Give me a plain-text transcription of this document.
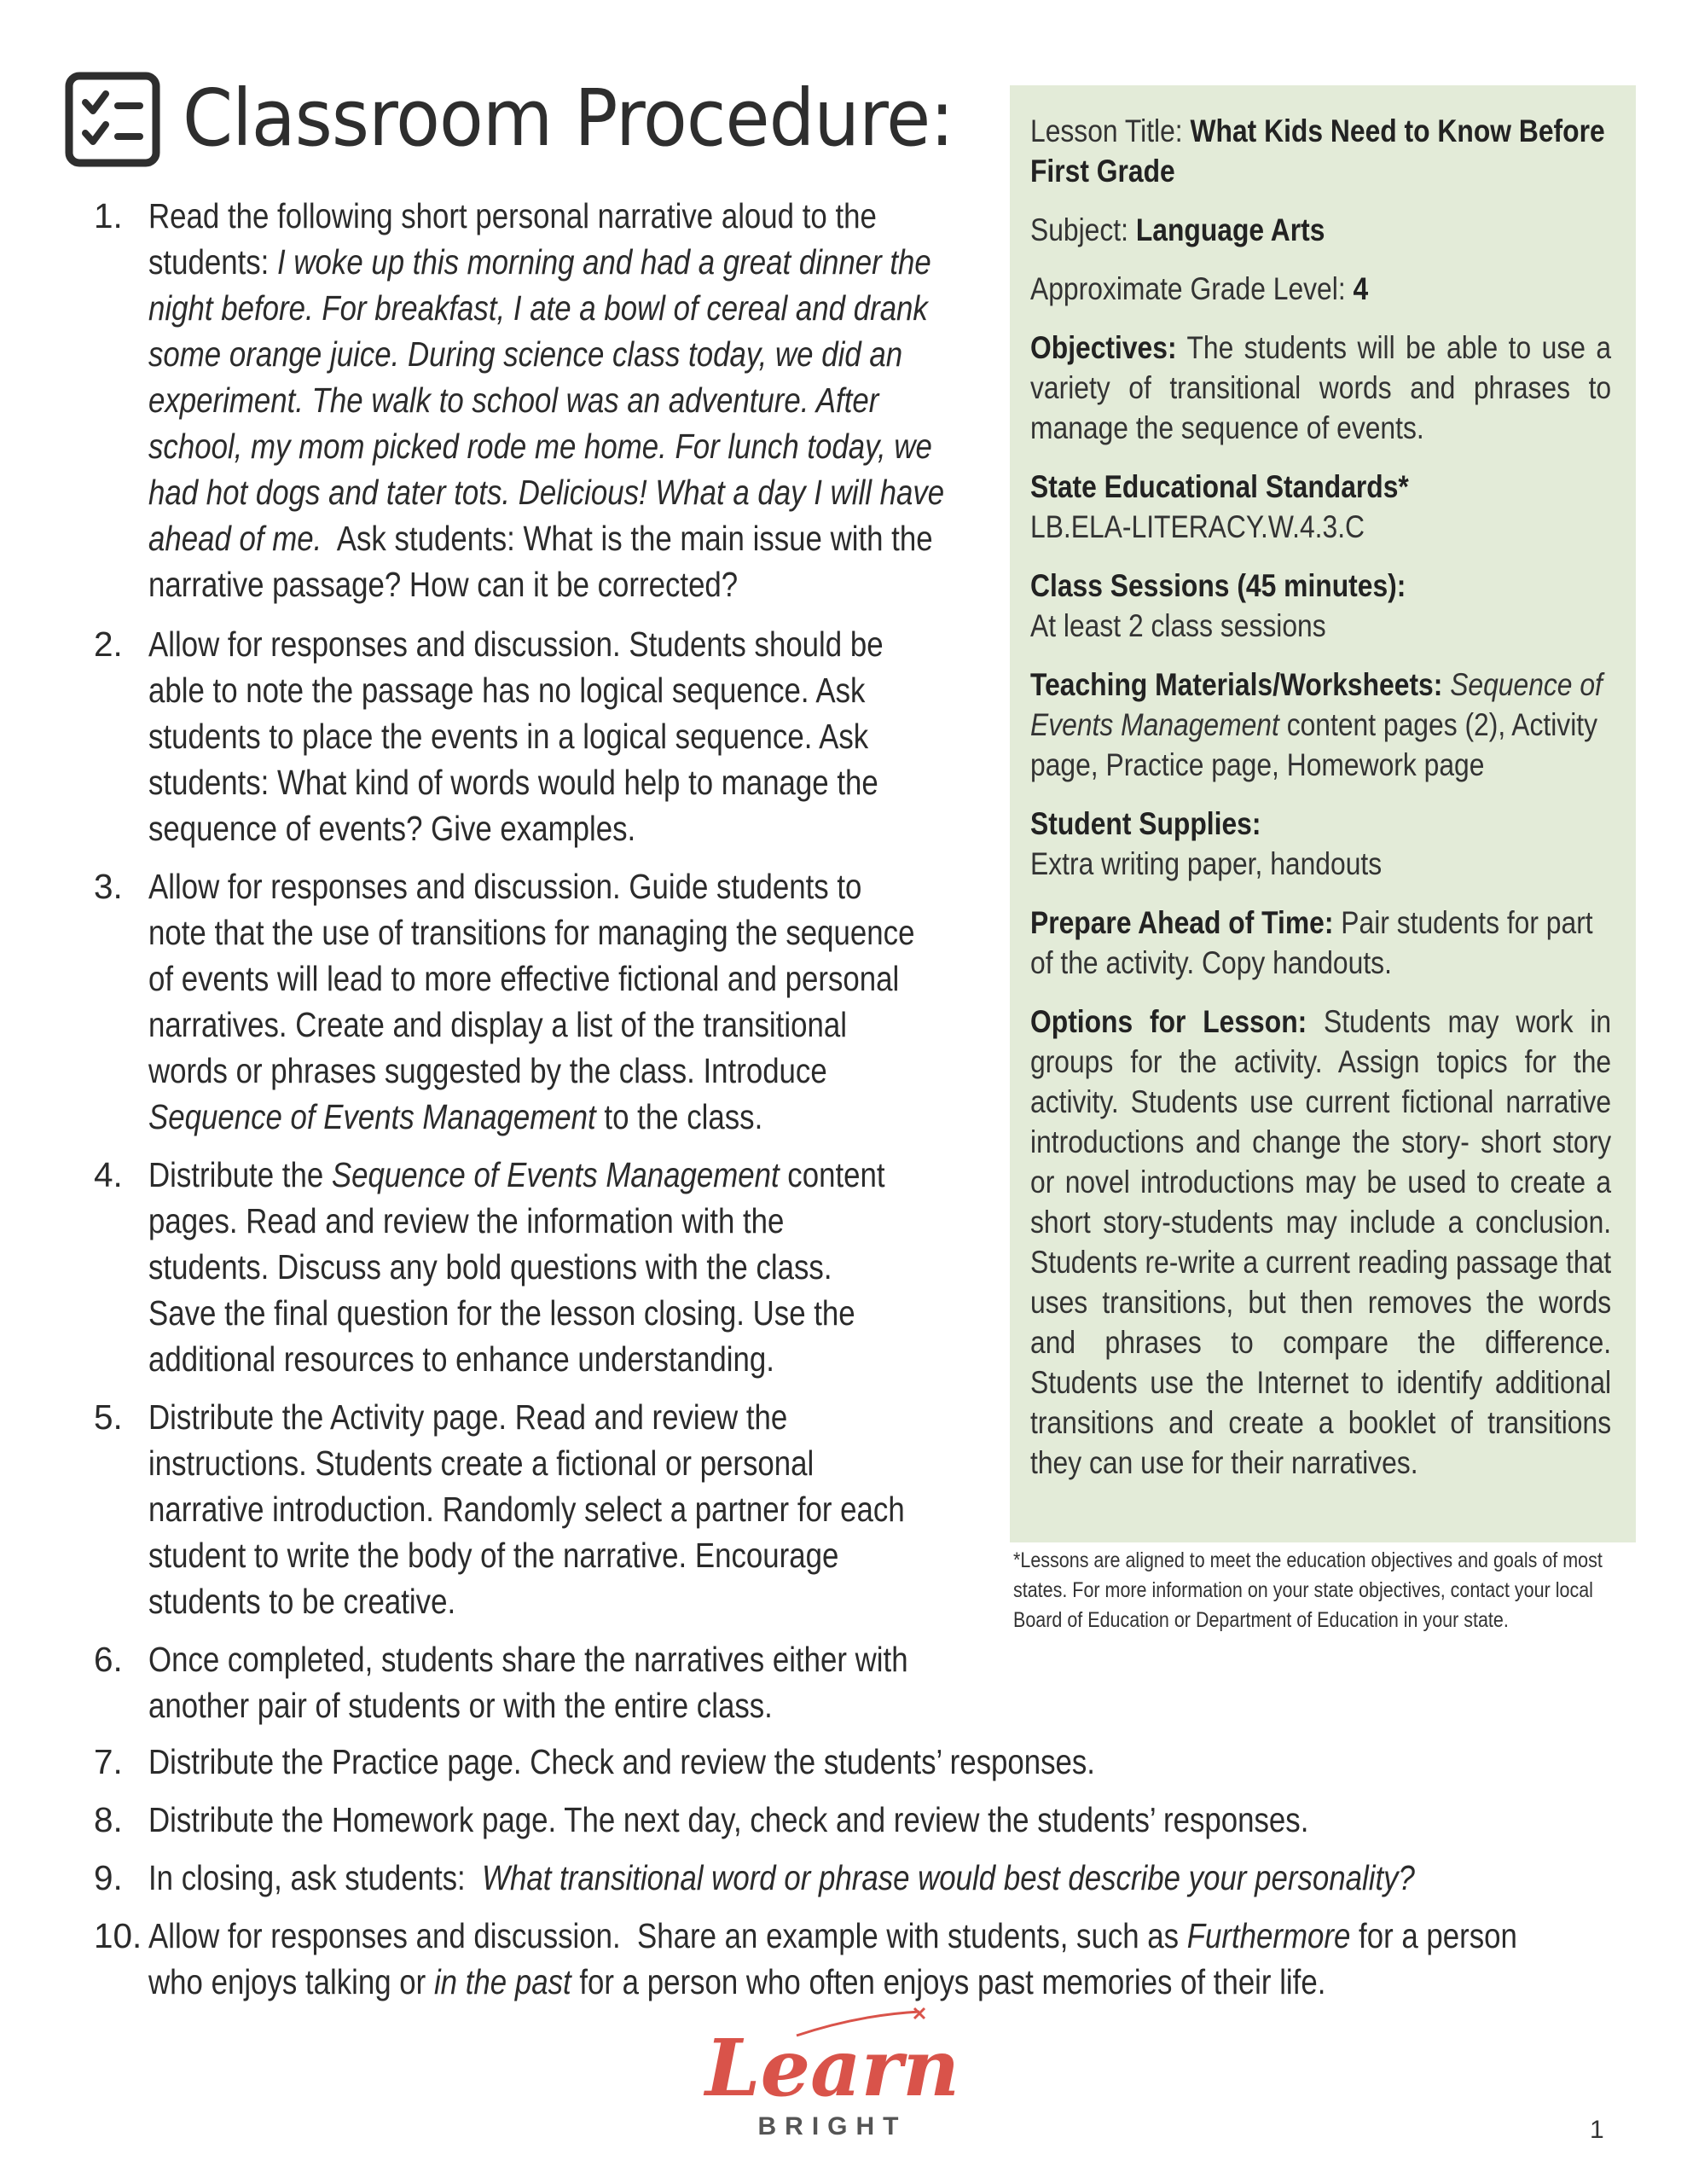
Classroom Procedure:
1. Read the following short personal narrative aloud to the
students: I woke up this morning and had a great dinner the
night before. For breakfast, I ate a bowl of cereal and drank
some orange juice. During science class today, we did an
experiment. The walk to school was an adventure. After
school, my mom picked rode me home. For lunch today, we
had hot dogs and tater tots. Delicious! What a day I will have
ahead of me.  Ask students: What is the main issue with the
narrative passage? How can it be corrected?
2. Allow for responses and discussion. Students should be
able to note the passage has no logical sequence. Ask
students to place the events in a logical sequence. Ask
students: What kind of words would help to manage the
sequence of events? Give examples.
3. Allow for responses and discussion. Guide students to
note that the use of transitions for managing the sequence
of events will lead to more effective fictional and personal
narratives. Create and display a list of the transitional
words or phrases suggested by the class. Introduce
Sequence of Events Management to the class.
4. Distribute the Sequence of Events Management content
pages. Read and review the information with the
students. Discuss any bold questions with the class.
Save the final question for the lesson closing. Use the
additional resources to enhance understanding.
5. Distribute the Activity page. Read and review the
instructions. Students create a fictional or personal
narrative introduction. Randomly select a partner for each
student to write the body of the narrative. Encourage
students to be creative.
6. Once completed, students share the narratives either with
another pair of students or with the entire class.
7. Distribute the Practice page. Check and review the students’ responses.
8. Distribute the Homework page. The next day, check and review the students’ responses.
9. In closing, ask students:  What transitional word or phrase would best describe your personality?
10. Allow for responses and discussion.  Share an example with students, such as Furthermore for a person
who enjoys talking or in the past for a person who often enjoys past memories of their life.

Lesson Title: What Kids Need to Know Before First Grade

Subject: Language Arts

Approximate Grade Level: 4

Objectives: The students will be able to use a variety of transitional words and phrases to manage the sequence of events.

State Educational Standards*
LB.ELA-LITERACY.W.4.3.C

Class Sessions (45 minutes):
At least 2 class sessions

Teaching Materials/Worksheets: Sequence of Events Management content pages (2), Activity page, Practice page, Homework page

Student Supplies:
Extra writing paper, handouts

Prepare Ahead of Time: Pair students for part of the activity. Copy handouts.

Options for Lesson: Students may work in groups for the activity. Assign topics for the activity. Students use current fictional narrative introductions and change the story- short story or novel introductions may be used to create a short story-students may include a conclusion. Students re-write a current reading passage that uses transitions, but then removes the words and phrases to compare the difference. Students use the Internet to identify additional transitions and create a booklet of transitions they can use for their narratives.

*Lessons are aligned to meet the education objectives and goals of most states. For more information on your state objectives, contact your local Board of Education or Department of Education in your state.
Learn
BRIGHT	1
